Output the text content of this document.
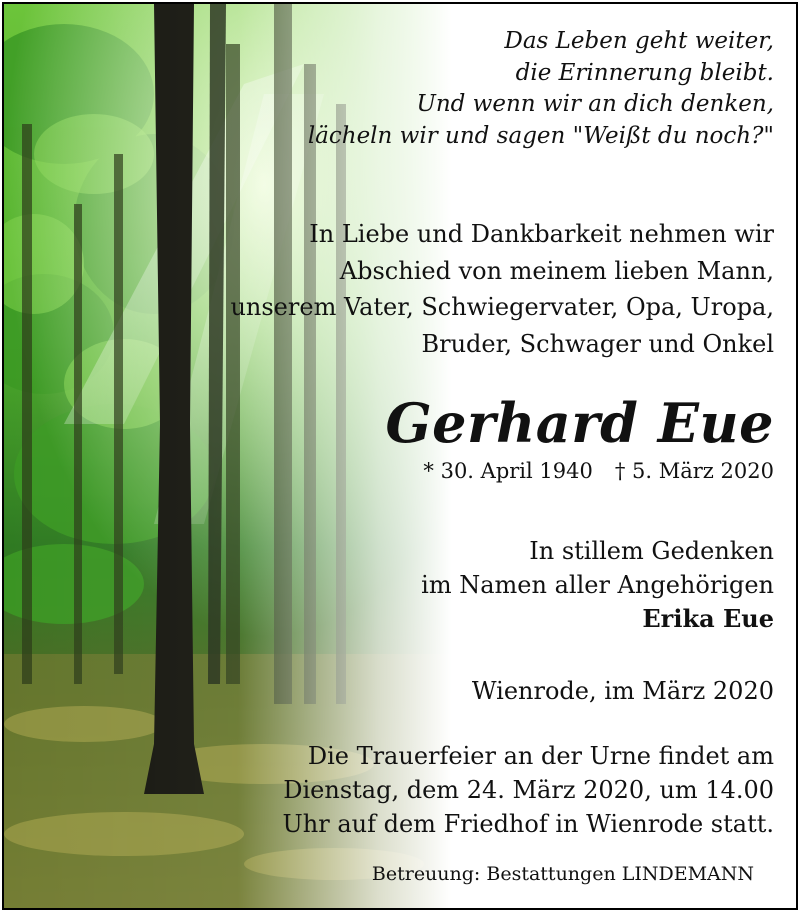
Das Leben geht weiter,
die Erinnerung bleibt.
Und wenn wir an dich denken,
lächeln wir und sagen "Weißt du noch?"
In Liebe und Dankbarkeit nehmen wir
Abschied von meinem lieben Mann,
unserem Vater, Schwiegervater, Opa, Uropa,
Bruder, Schwager und Onkel
Gerhard Eue
* 30. April 1940 † 5. März 2020
In stillem Gedenken
im Namen aller Angehörigen
Erika Eue
Wienrode, im März 2020
Die Trauerfeier an der Urne findet am
Dienstag, dem 24. März 2020, um 14.00
Uhr auf dem Friedhof in Wienrode statt.
Betreuung: Bestattungen LINDEMANN
